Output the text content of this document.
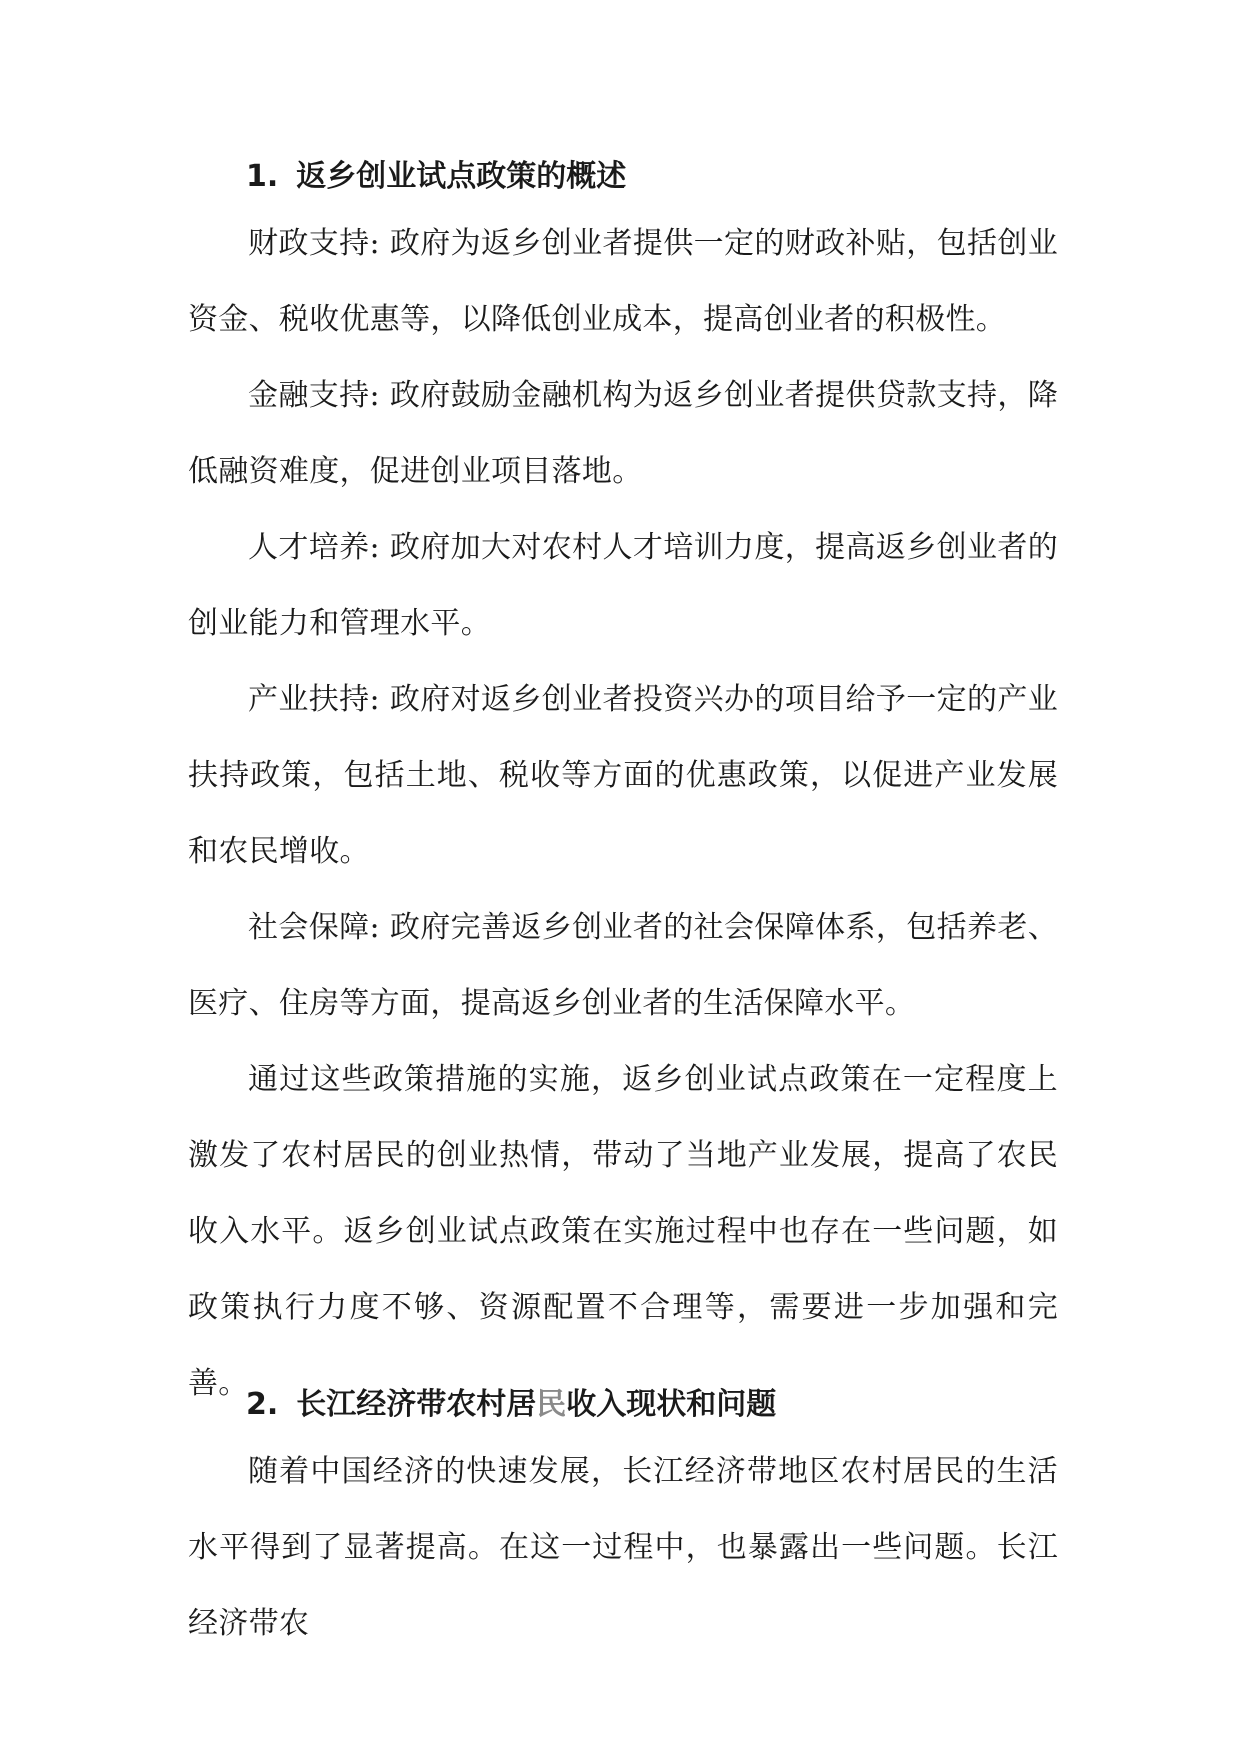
1. 返乡创业试点政策的概述

财政支持: 政府为返乡创业者提供一定的财政补贴，包括创业资金、税收优惠等，以降低创业成本，提高创业者的积极性。

金融支持: 政府鼓励金融机构为返乡创业者提供贷款支持，降低融资难度，促进创业项目落地。

人才培养: 政府加大对农村人才培训力度，提高返乡创业者的创业能力和管理水平。

产业扶持: 政府对返乡创业者投资兴办的项目给予一定的产业扶持政策，包括土地、税收等方面的优惠政策，以促进产业发展和农民增收。

社会保障: 政府完善返乡创业者的社会保障体系，包括养老、医疗、住房等方面，提高返乡创业者的生活保障水平。

通过这些政策措施的实施，返乡创业试点政策在一定程度上激发了农村居民的创业热情，带动了当地产业发展，提高了农民收入水平。返乡创业试点政策在实施过程中也存在一些问题，如政策执行力度不够、资源配置不合理等，需要进一步加强和完善。

2. 长江经济带农村居民收入现状和问题

随着中国经济的快速发展，长江经济带地区农村居民的生活水平得到了显著提高。在这一过程中，也暴露出一些问题。长江经济带农
